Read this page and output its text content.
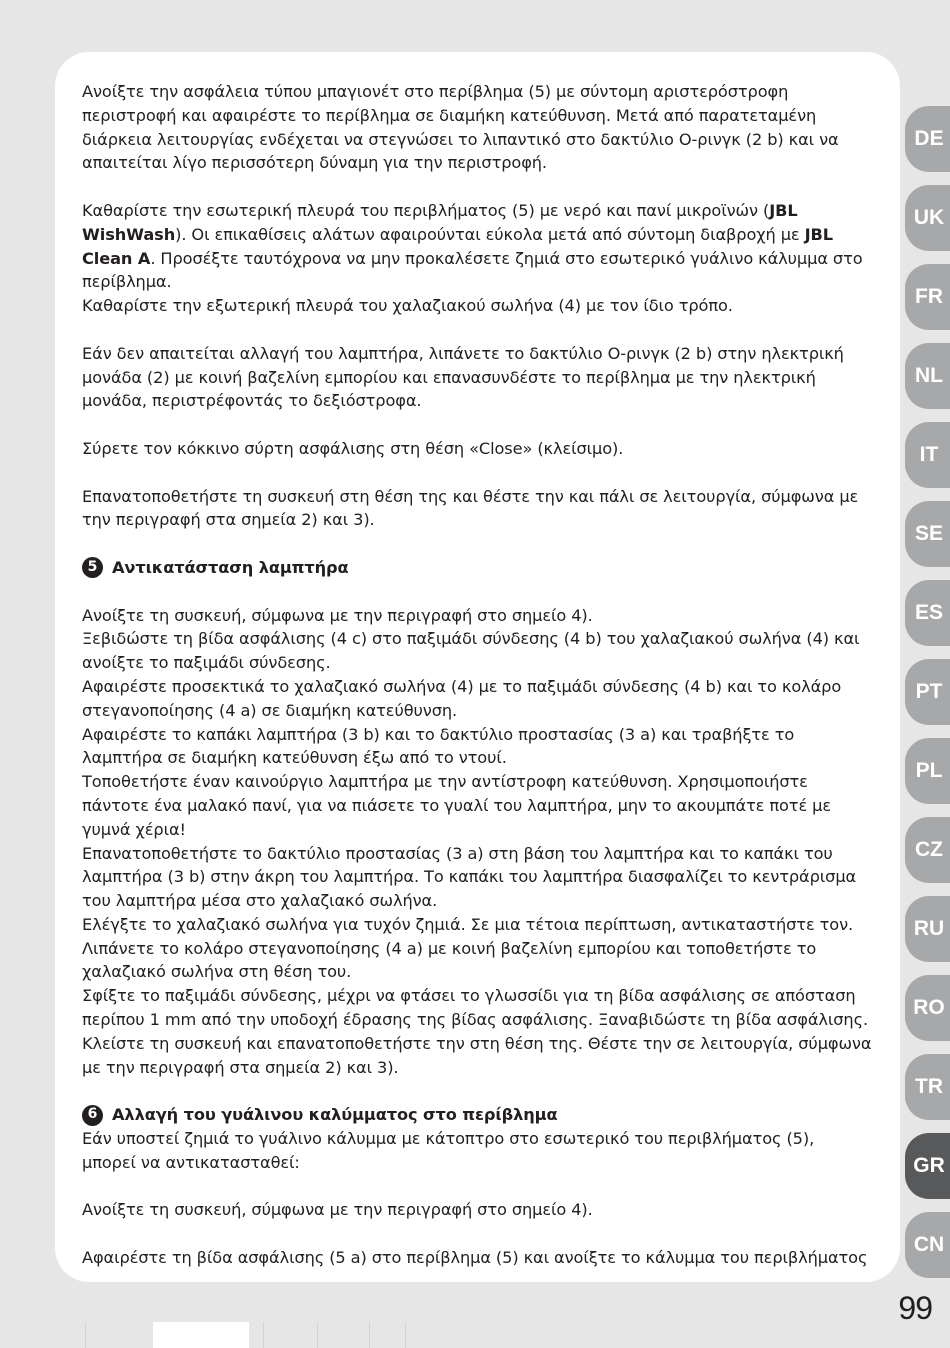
Ανοίξτε την ασφάλεια τύπου μπαγιονέτ στο περίβλημα (5) με σύντομη αριστερόστροφη περιστροφή και αφαιρέστε το περίβλημα σε διαμήκη κατεύθυνση. Μετά από παρατεταμένη διάρκεια λειτουργίας ενδέχεται να στεγνώσει το λιπαντικό στο δακτύλιο Ο-ρινγκ (2 b) και να απαιτείται λίγο περισσότερη δύναμη για την περιστροφή.

Καθαρίστε την εσωτερική πλευρά του περιβλήματος (5) με νερό και πανί μικροϊνών (JBL WishWash). Οι επικαθίσεις αλάτων αφαιρούνται εύκολα μετά από σύντομη διαβροχή με JBL Clean A. Προσέξτε ταυτόχρονα να μην προκαλέσετε ζημιά στο εσωτερικό γυάλινο κάλυμμα στο περίβλημα.

Καθαρίστε την εξωτερική πλευρά του χαλαζιακού σωλήνα (4) με τον ίδιο τρόπο.

Εάν δεν απαιτείται αλλαγή του λαμπτήρα, λιπάνετε το δακτύλιο Ο-ρινγκ (2 b) στην ηλεκτρική μονάδα (2) με κοινή βαζελίνη εμπορίου και επανασυνδέστε το περίβλημα με την ηλεκτρική μονάδα, περιστρέφοντάς το δεξιόστροφα.

Σύρετε τον κόκκινο σύρτη ασφάλισης στη θέση «Close» (κλείσιμο).

Επανατοποθετήστε τη συσκευή στη θέση της και θέστε την και πάλι σε λειτουργία, σύμφωνα με την περιγραφή στα σημεία 2) και 3).

5 Αντικατάσταση λαμπτήρα

Ανοίξτε τη συσκευή, σύμφωνα με την περιγραφή στο σημείο 4).

Ξεβιδώστε τη βίδα ασφάλισης (4 c) στο παξιμάδι σύνδεσης (4 b) του χαλαζιακού σωλήνα (4) και ανοίξτε το παξιμάδι σύνδεσης.

Αφαιρέστε προσεκτικά το χαλαζιακό σωλήνα (4) με το παξιμάδι σύνδεσης (4 b) και το κολάρο στεγανοποίησης (4 a) σε διαμήκη κατεύθυνση.

Αφαιρέστε το καπάκι λαμπτήρα (3 b) και το δακτύλιο προστασίας (3 a) και τραβήξτε το λαμπτήρα σε διαμήκη κατεύθυνση έξω από το ντουί.

Τοποθετήστε έναν καινούργιο λαμπτήρα με την αντίστροφη κατεύθυνση. Χρησιμοποιήστε πάντοτε ένα μαλακό πανί, για να πιάσετε το γυαλί του λαμπτήρα, μην το ακουμπάτε ποτέ με γυμνά χέρια!

Επανατοποθετήστε το δακτύλιο προστασίας (3 a) στη βάση του λαμπτήρα και το καπάκι του λαμπτήρα (3 b) στην άκρη του λαμπτήρα. Το καπάκι του λαμπτήρα διασφαλίζει το κεντράρισμα του λαμπτήρα μέσα στο χαλαζιακό σωλήνα.

Ελέγξτε το χαλαζιακό σωλήνα για τυχόν ζημιά. Σε μια τέτοια περίπτωση, αντικαταστήστε τον.

Λιπάνετε το κολάρο στεγανοποίησης (4 a) με κοινή βαζελίνη εμπορίου και τοποθετήστε το χαλαζιακό σωλήνα στη θέση του.

Σφίξτε το παξιμάδι σύνδεσης, μέχρι να φτάσει το γλωσσίδι για τη βίδα ασφάλισης σε απόσταση περίπου 1 mm από την υποδοχή έδρασης της βίδας ασφάλισης. Ξαναβιδώστε τη βίδα ασφάλισης.

Κλείστε τη συσκευή και επανατοποθετήστε την στη θέση της. Θέστε την σε λειτουργία, σύμφωνα με την περιγραφή στα σημεία 2) και 3).

6 Αλλαγή του γυάλινου καλύμματος στο περίβλημα

Εάν υποστεί ζημιά το γυάλινο κάλυμμα με κάτοπτρο στο εσωτερικό του περιβλήματος (5), μπορεί να αντικατασταθεί:

Ανοίξτε τη συσκευή, σύμφωνα με την περιγραφή στο σημείο 4).

Αφαιρέστε τη βίδα ασφάλισης (5 a) στο περίβλημα (5) και ανοίξτε το κάλυμμα του περιβλήματος

DE
UK
FR
NL
IT
SE
ES
PT
PL
CZ
RU
RO
TR
GR
CN
99
